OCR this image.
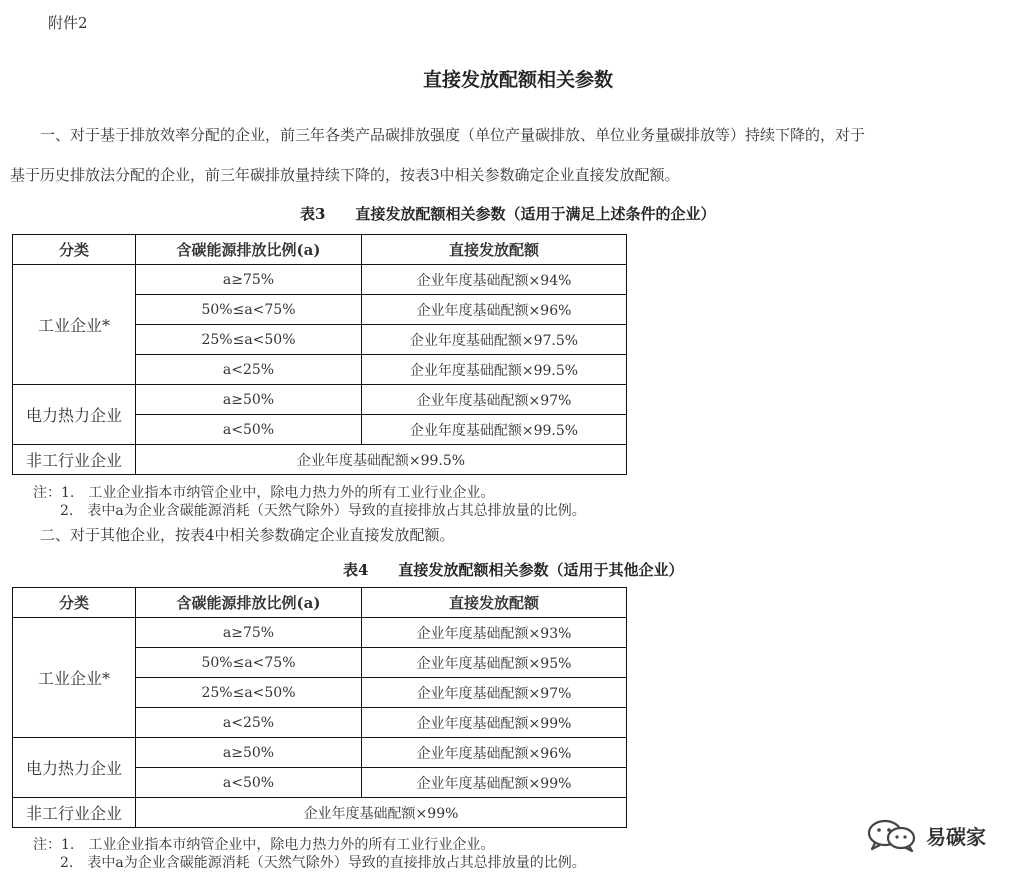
附件2
直接发放配额相关参数
一、对于基于排放效率分配的企业，前三年各类产品碳排放强度（单位产量碳排放、单位业务量碳排放等）持续下降的，对于
基于历史排放法分配的企业，前三年碳排放量持续下降的，按表3中相关参数确定企业直接发放配额。
表3　　直接发放配额相关参数（适用于满足上述条件的企业）
分类	含碳能源排放比例(a)	直接发放配额
工业企业*	a≥75%	企业年度基础配额×94%
	50%≤a<75%	企业年度基础配额×96%
	25%≤a<50%	企业年度基础配额×97.5%
	a<25%	企业年度基础配额×99.5%
电力热力企业	a≥50%	企业年度基础配额×97%
	a<50%	企业年度基础配额×99.5%
非工行业企业	企业年度基础配额×99.5%	
注：1.　工业企业指本市纳管企业中，除电力热力外的所有工业行业企业。
2.　表中a为企业含碳能源消耗（天然气除外）导致的直接排放占其总排放量的比例。
二、对于其他企业，按表4中相关参数确定企业直接发放配额。
表4　　直接发放配额相关参数（适用于其他企业）
分类	含碳能源排放比例(a)	直接发放配额
工业企业*	a≥75%	企业年度基础配额×93%
	50%≤a<75%	企业年度基础配额×95%
	25%≤a<50%	企业年度基础配额×97%
	a<25%	企业年度基础配额×99%
电力热力企业	a≥50%	企业年度基础配额×96%
	a<50%	企业年度基础配额×99%
非工行业企业	企业年度基础配额×99%	
注：1.　工业企业指本市纳管企业中，除电力热力外的所有工业行业企业。
2.　表中a为企业含碳能源消耗（天然气除外）导致的直接排放占其总排放量的比例。
易碳家
